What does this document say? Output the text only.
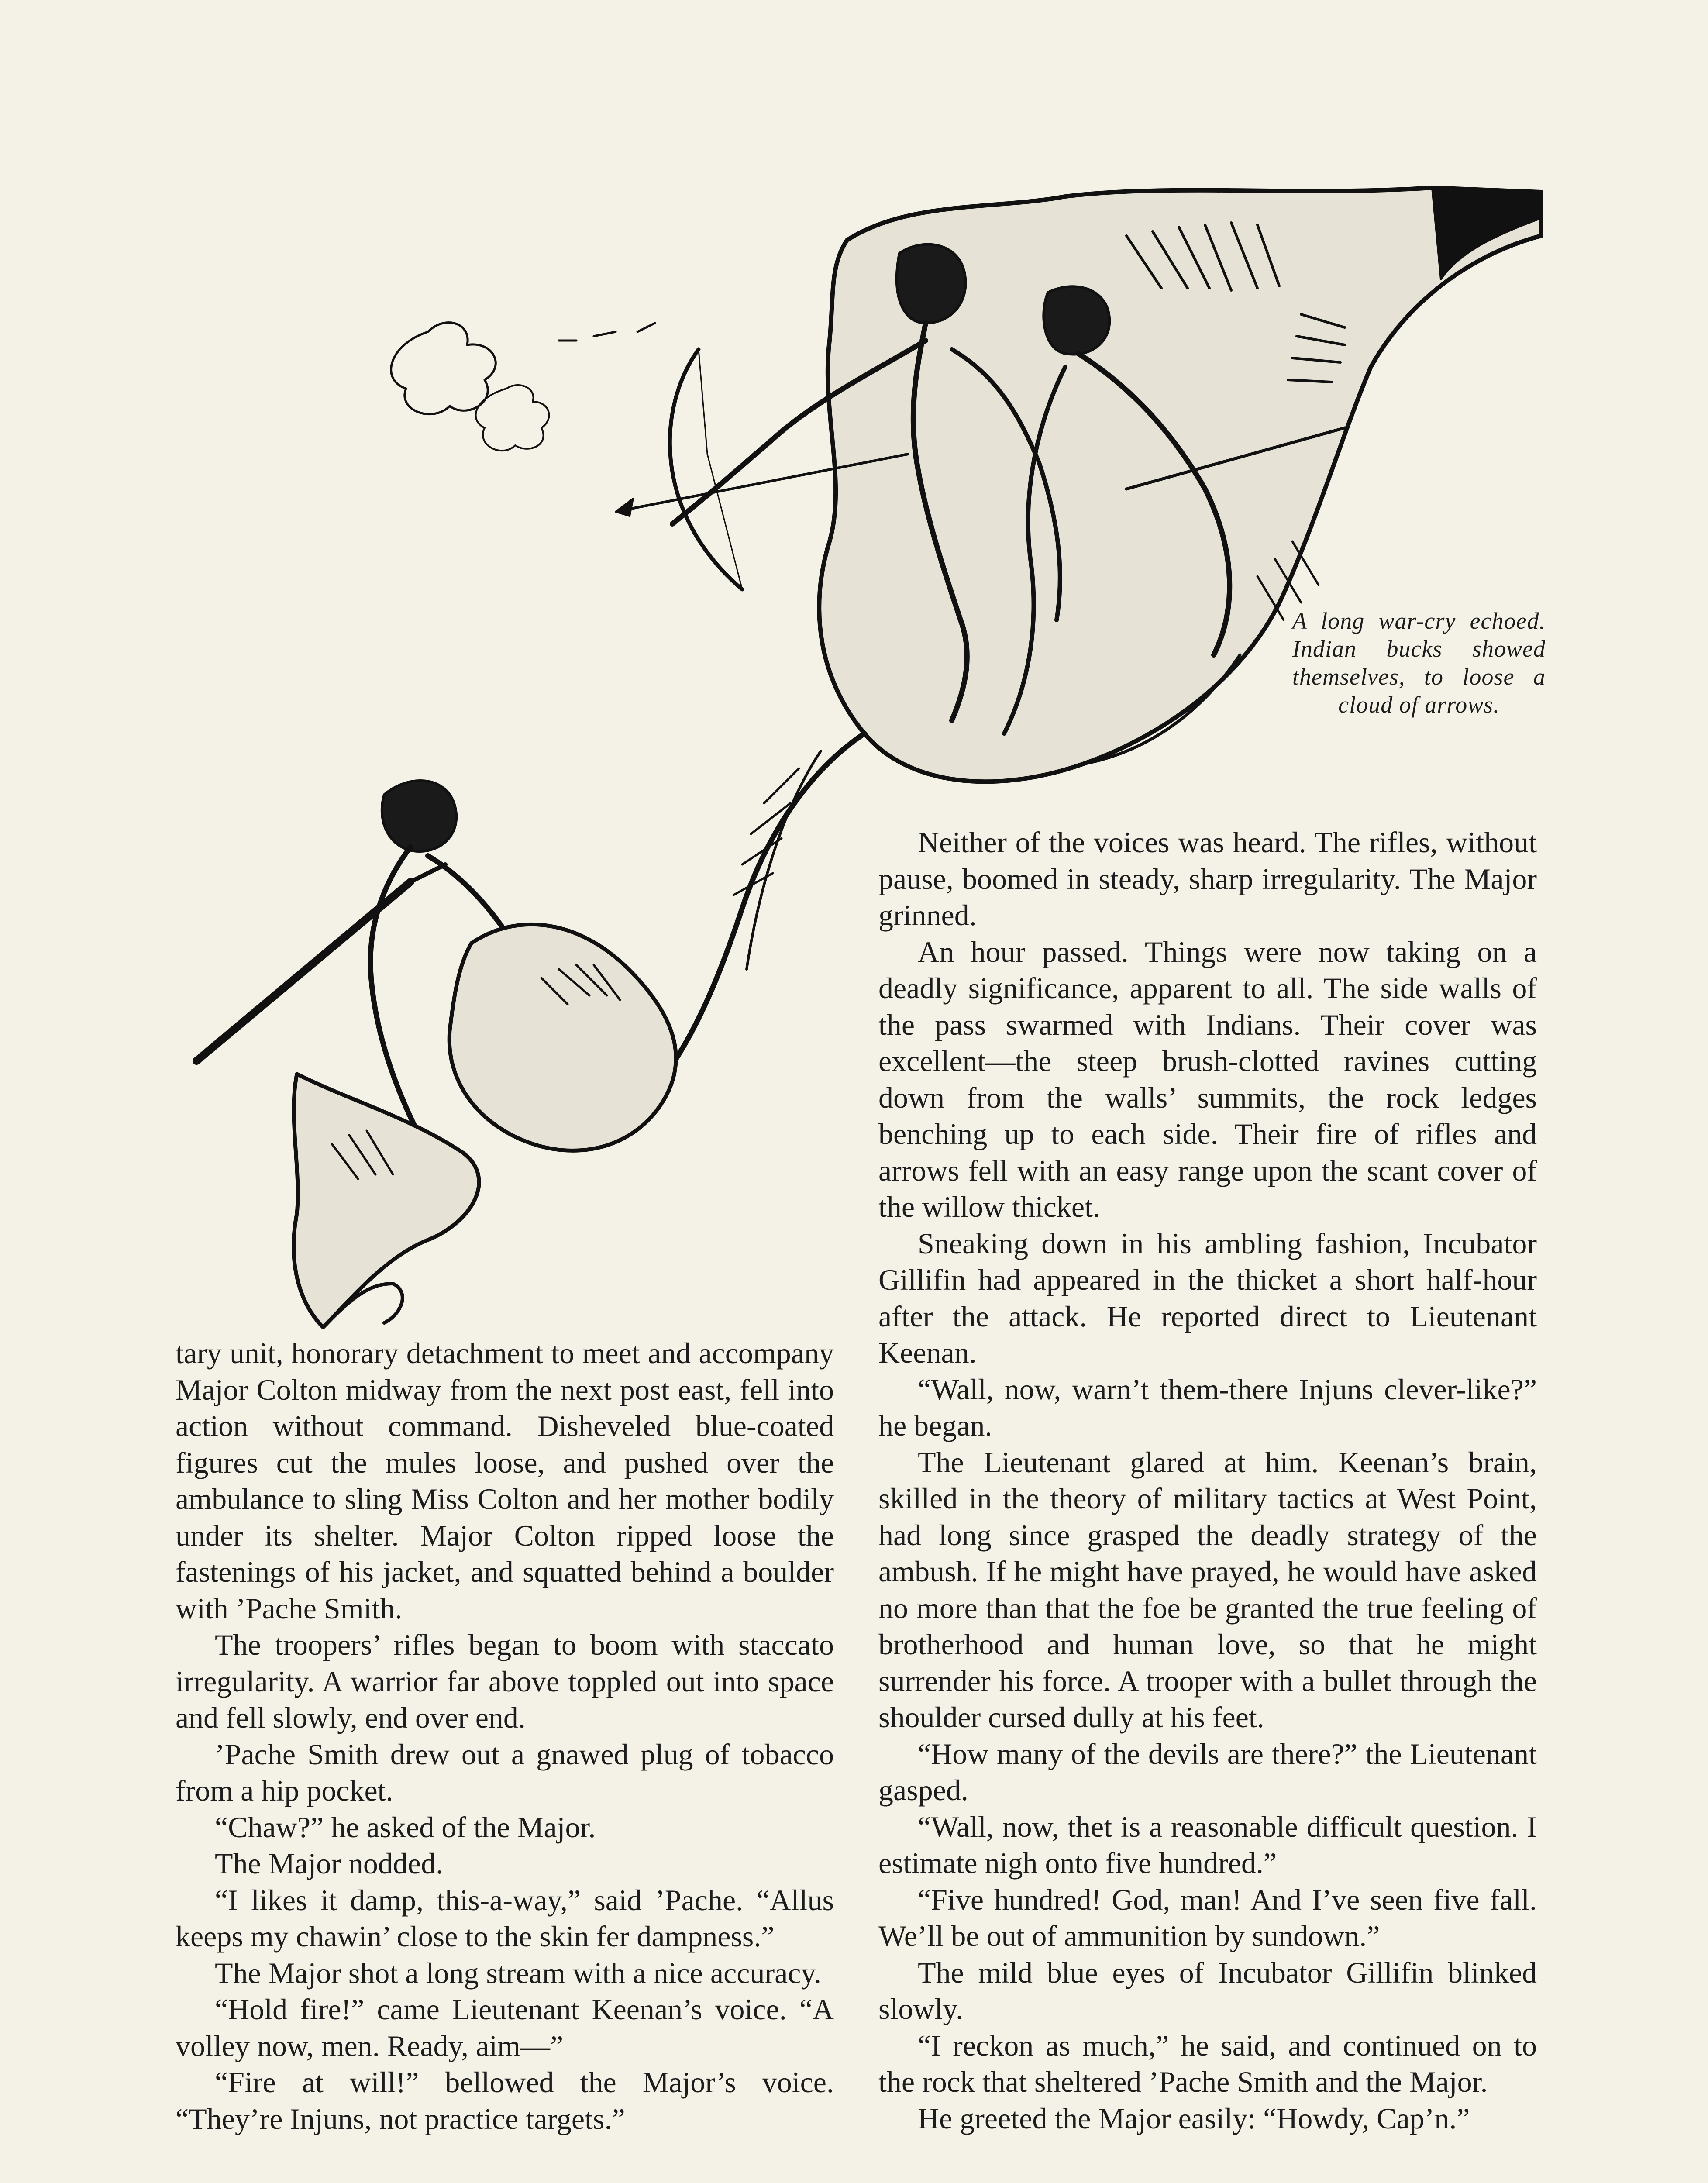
A long war-cry echoed. Indian bucks showed themselves, to loose a cloud of arrows.

tary unit, honorary detachment to meet and accompany Major Colton midway from the next post east, fell into action without command. Disheveled blue-coated figures cut the mules loose, and pushed over the ambulance to sling Miss Colton and her mother bodily under its shelter. Major Colton ripped loose the fastenings of his jacket, and squatted behind a boulder with ’Pache Smith.

The troopers’ rifles began to boom with staccato irregularity. A warrior far above toppled out into space and fell slowly, end over end.

’Pache Smith drew out a gnawed plug of tobacco from a hip pocket.

“Chaw?” he asked of the Major.

The Major nodded.

“I likes it damp, this-a-way,” said ’Pache. “Allus keeps my chawin’ close to the skin fer dampness.”

The Major shot a long stream with a nice accuracy.

“Hold fire!” came Lieutenant Keenan’s voice. “A volley now, men. Ready, aim—”

“Fire at will!” bellowed the Major’s voice. “They’re Injuns, not practice targets.”

Neither of the voices was heard. The rifles, without pause, boomed in steady, sharp irregularity. The Major grinned.

An hour passed. Things were now taking on a deadly significance, apparent to all. The side walls of the pass swarmed with Indians. Their cover was excellent—the steep brush-clotted ravines cutting down from the walls’ summits, the rock ledges benching up to each side. Their fire of rifles and arrows fell with an easy range upon the scant cover of the willow thicket.

Sneaking down in his ambling fashion, Incubator Gillifin had appeared in the thicket a short half-hour after the attack. He reported direct to Lieutenant Keenan.

“Wall, now, warn’t them-there Injuns clever-like?” he began.

The Lieutenant glared at him. Keenan’s brain, skilled in the theory of military tactics at West Point, had long since grasped the deadly strategy of the ambush. If he might have prayed, he would have asked no more than that the foe be granted the true feeling of brotherhood and human love, so that he might surrender his force. A trooper with a bullet through the shoulder cursed dully at his feet.

“How many of the devils are there?” the Lieutenant gasped.

“Wall, now, thet is a reasonable difficult question. I estimate nigh onto five hundred.”

“Five hundred! God, man! And I’ve seen five fall. We’ll be out of ammunition by sundown.”

The mild blue eyes of Incubator Gillifin blinked slowly.

“I reckon as much,” he said, and continued on to the rock that sheltered ’Pache Smith and the Major.

He greeted the Major easily: “Howdy, Cap’n.”
